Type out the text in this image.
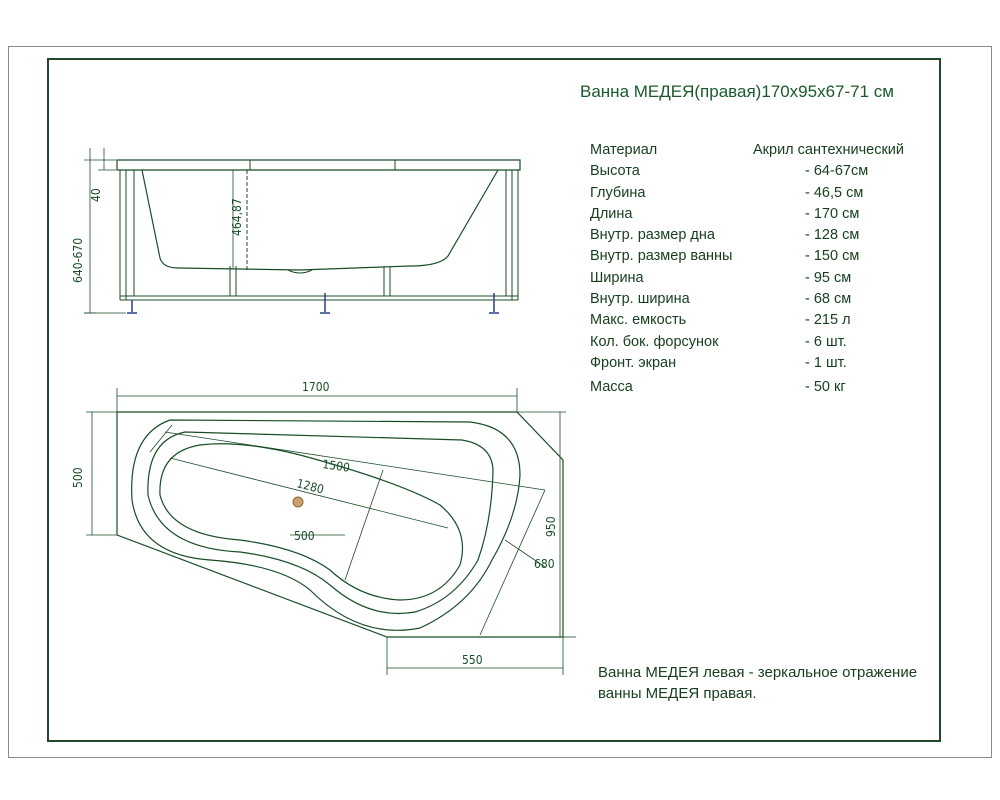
640-670
40
464,87
1700
500
950
1500
1280
500
680
550
Ванна МЕДЕЯ(правая)170х95х67-71 см
Материал	Акрил сантехнический
Высота	- 64-67см
Глубина	- 46,5 см
Длина	- 170 см
Внутр. размер дна	- 128 см
Внутр. размер ванны	- 150 см
Ширина	- 95 см
Внутр. ширина	- 68 см
Макс. емкость	- 215 л
Кол. бок. форсунок	- 6 шт.
Фронт. экран	- 1 шт.
Масса	- 50 кг
Ванна МЕДЕЯ левая - зеркальное отражение ванны МЕДЕЯ правая.
